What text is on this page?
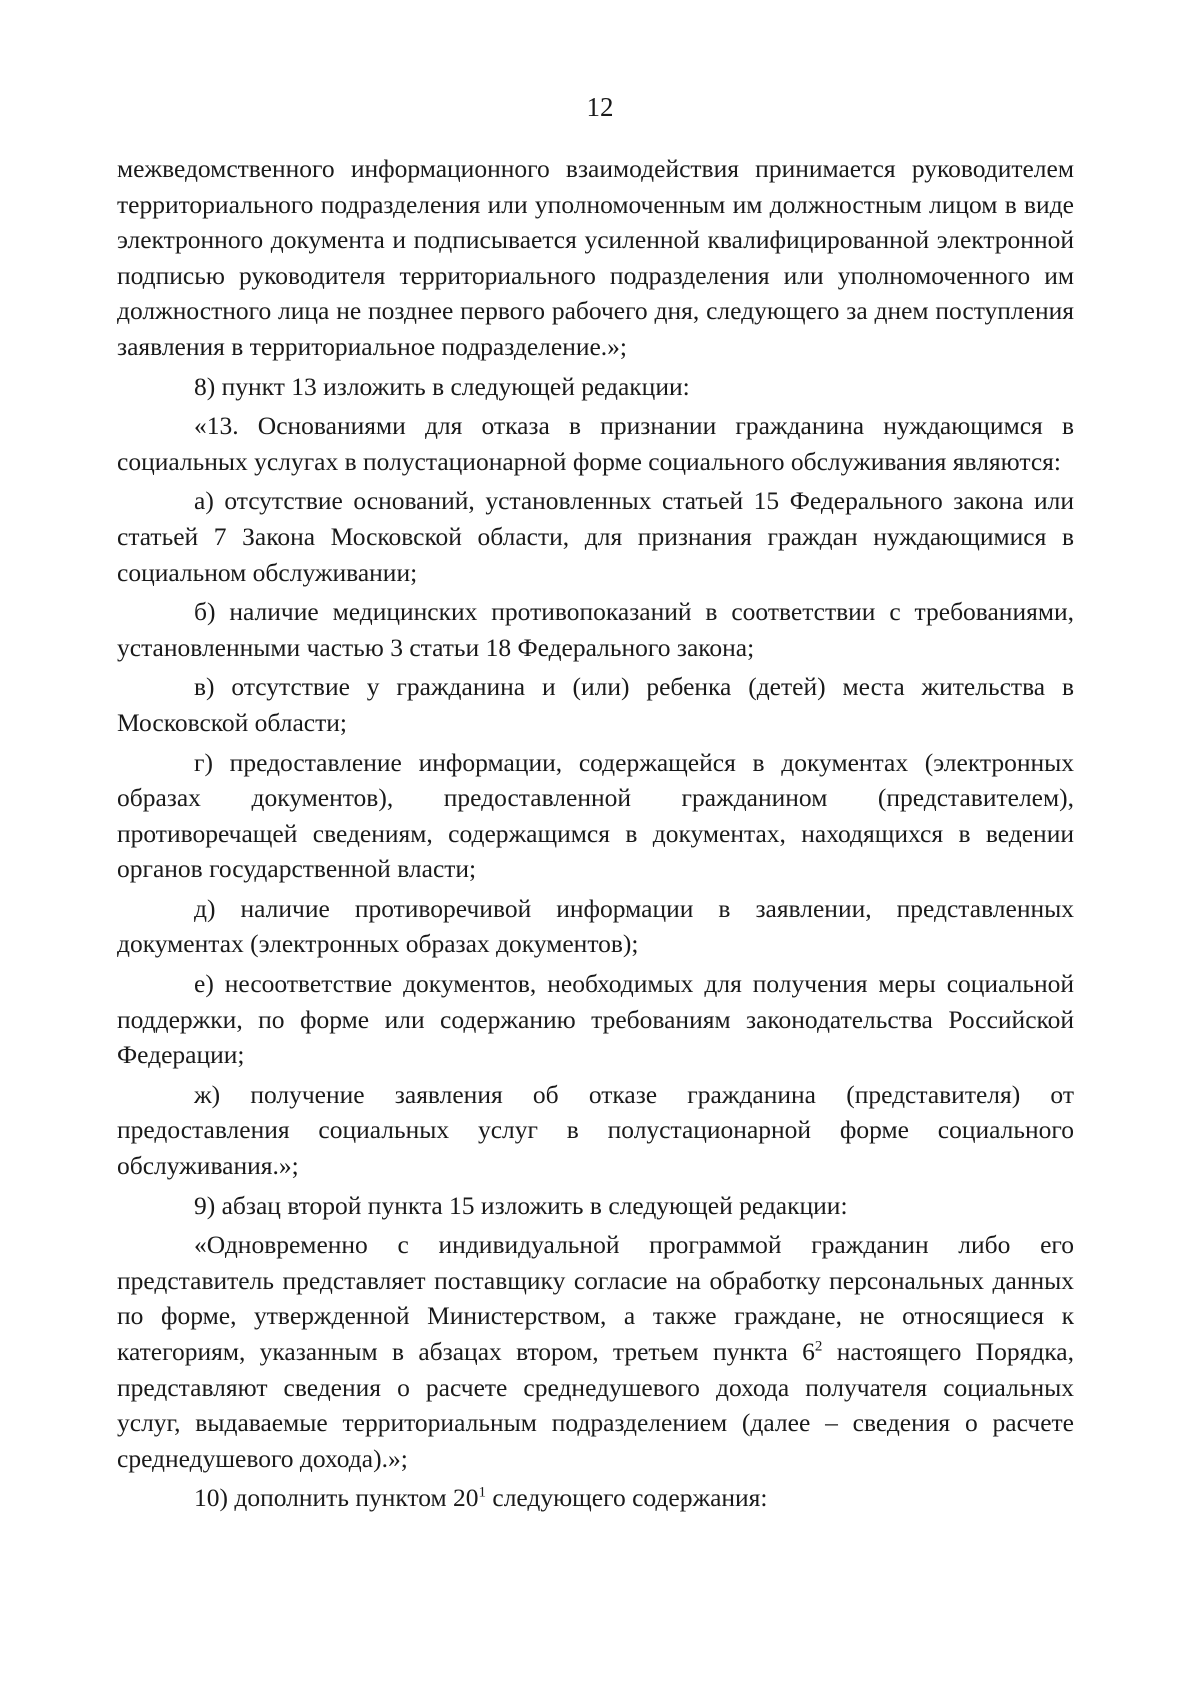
12

межведомственного информационного взаимодействия принимается руководителем территориального подразделения или уполномоченным им должностным лицом в виде электронного документа и подписывается усиленной квалифицированной электронной подписью руководителя территориального подразделения или уполномоченного им должностного лица не позднее первого рабочего дня, следующего за днем поступления заявления в территориальное подразделение.»;

8) пункт 13 изложить в следующей редакции:

«13. Основаниями для отказа в признании гражданина нуждающимся в социальных услугах в полустационарной форме социального обслуживания являются:

а) отсутствие оснований, установленных статьей 15 Федерального закона или статьей 7 Закона Московской области, для признания граждан нуждающимися в социальном обслуживании;

б) наличие медицинских противопоказаний в соответствии с требованиями, установленными частью 3 статьи 18 Федерального закона;

в) отсутствие у гражданина и (или) ребенка (детей) места жительства в Московской области;

г) предоставление информации, содержащейся в документах (электронных образах документов), предоставленной гражданином (представителем), противоречащей сведениям, содержащимся в документах, находящихся в ведении органов государственной власти;

д) наличие противоречивой информации в заявлении, представленных документах (электронных образах документов);

е) несоответствие документов, необходимых для получения меры социальной поддержки, по форме или содержанию требованиям законодательства Российской Федерации;

ж) получение заявления об отказе гражданина (представителя) от предоставления социальных услуг в полустационарной форме социального обслуживания.»;

9) абзац второй пункта 15 изложить в следующей редакции:

«Одновременно с индивидуальной программой гражданин либо его представитель представляет поставщику согласие на обработку персональных данных по форме, утвержденной Министерством, а также граждане, не относящиеся к категориям, указанным в абзацах втором, третьем пункта $6^2$ настоящего Порядка, представляют сведения о расчете среднедушевого дохода получателя социальных услуг, выдаваемые территориальным подразделением (далее – сведения о расчете среднедушевого дохода).»;

10) дополнить пунктом $20^1$ следующего содержания:
